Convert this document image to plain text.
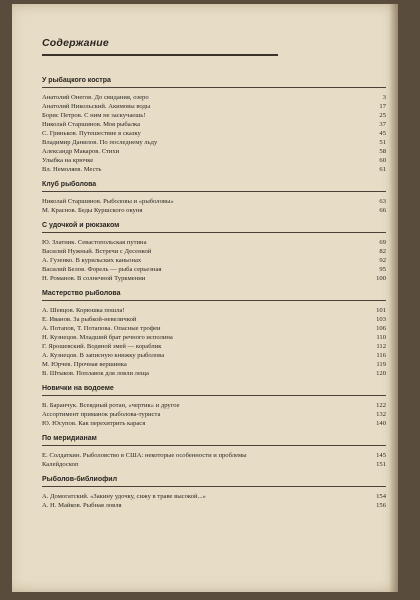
Содержание
У рыбацкого костра
Анатолий Онегов. До свидания, озеро	3
Анатолий Никольский. Акимовы воды	17
Борис Петров. С ним не заскучаешь!	25
Николай Старшинов. Моя рыбалка	37
С. Гриньков. Путешествие в сказку	45
Владимир Данилов. По последнему льду	51
Александр Макаров. Стихи	58
Улыбка на крючке	60
Вл. Немоляев. Месть	61
Клуб рыболова
Николай Старшинов. Рыболовы и «рыболовы»	63
М. Краснов. Беды Куршского окуня	66
С удочкой и рюкзаком
Ю. Златник. Севастопольская путина	69
Василий Нужный. Встречи с Десенкой	82
А. Гузенко. В курильских каньонах	92
Василий Белов. Форель — рыба серьезная	95
Н. Романов. В солнечной Туркмении	100
Мастерство рыболова
А. Шевцов. Корюшка пошла!	101
Е. Иванов. За рыбкой-невеличкой	103
А. Потапов, Т. Потапова. Опасные трофеи	106
Н. Кузнецов. Младший брат речного исполина	110
Г. Ярошевский. Водяной змей — кораблик	112
А. Кузнецов. В записную книжку рыболова	116
М. Юрчев. Прочная вершинка	119
В. Штыков. Поплавок для ловли леща	120
Новички на водоеме
В. Баранчук. Всеядный ротан, «чертик» и другое	122
Ассортимент приманок рыболова-туриста	132
Ю. Юсупов. Как перехитрить карася	140
По меридианам
Е. Солдаткин. Рыболовство в США: некоторые особенности и проблемы	145
Калейдоскоп	151
Рыболов-библиофил
А. Домогатский. «Закину удочку, сижу в траве высокой...»	154
А. Н. Майков. Рыбная ловля	156
